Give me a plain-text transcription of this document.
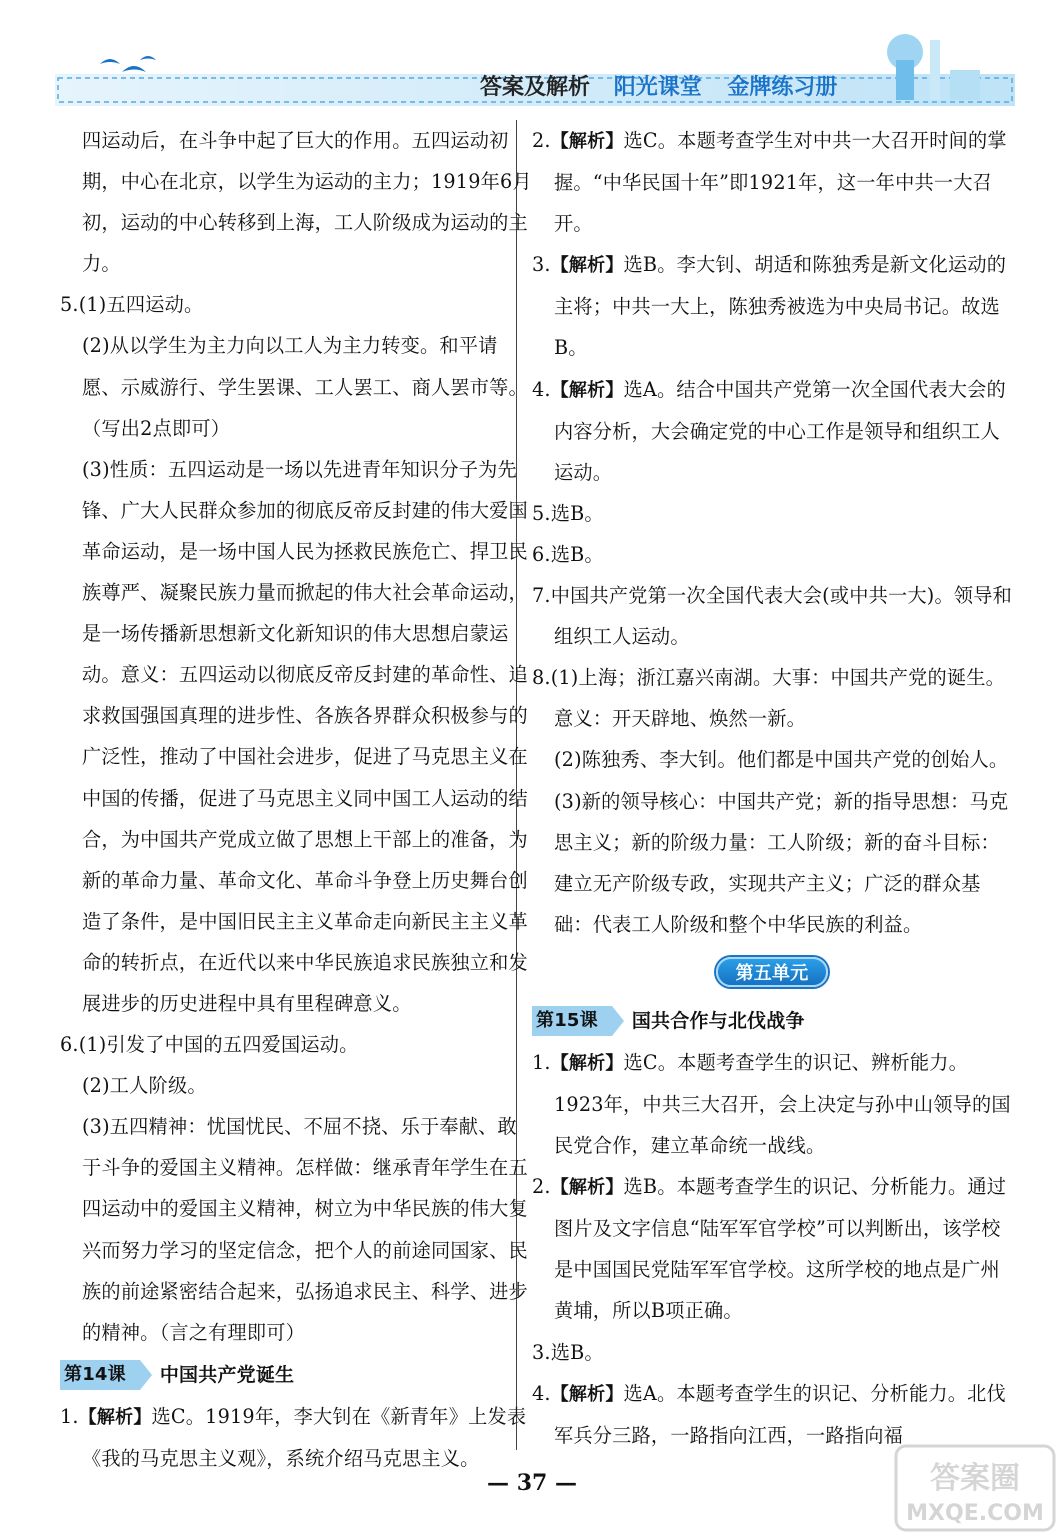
答案及解析 阳光课堂 金牌练习册
四运动后，在斗争中起了巨大的作用。五四运动初期，中心在北京，以学生为运动的主力；1919年6月初，运动的中心转移到上海，工人阶级成为运动的主力。
5.(1)五四运动。
(2)从以学生为主力向以工人为主力转变。和平请愿、示威游行、学生罢课、工人罢工、商人罢市等。（写出2点即可）
(3)性质：五四运动是一场以先进青年知识分子为先锋、广大人民群众参加的彻底反帝反封建的伟大爱国革命运动，是一场中国人民为拯救民族危亡、捍卫民族尊严、凝聚民族力量而掀起的伟大社会革命运动，是一场传播新思想新文化新知识的伟大思想启蒙运动。意义：五四运动以彻底反帝反封建的革命性、追求救国强国真理的进步性、各族各界群众积极参与的广泛性，推动了中国社会进步，促进了马克思主义在中国的传播，促进了马克思主义同中国工人运动的结合，为中国共产党成立做了思想上干部上的准备，为新的革命力量、革命文化、革命斗争登上历史舞台创造了条件，是中国旧民主主义革命走向新民主主义革命的转折点，在近代以来中华民族追求民族独立和发展进步的历史进程中具有里程碑意义。
6.(1)引发了中国的五四爱国运动。
(2)工人阶级。
(3)五四精神：忧国忧民、不屈不挠、乐于奉献、敢于斗争的爱国主义精神。怎样做：继承青年学生在五四运动中的爱国主义精神，树立为中华民族的伟大复兴而努力学习的坚定信念，把个人的前途同国家、民族的前途紧密结合起来，弘扬追求民主、科学、进步的精神。（言之有理即可）
第14课	中国共产党诞生
1.【解析】选C。1919年，李大钊在《新青年》上发表《我的马克思主义观》，系统介绍马克思主义。
2.【解析】选C。本题考查学生对中共一大召开时间的掌握。“中华民国十年”即1921年，这一年中共一大召开。
3.【解析】选B。李大钊、胡适和陈独秀是新文化运动的主将；中共一大上，陈独秀被选为中央局书记。故选B。
4.【解析】选A。结合中国共产党第一次全国代表大会的内容分析，大会确定党的中心工作是领导和组织工人运动。
5.选B。
6.选B。
7.中国共产党第一次全国代表大会(或中共一大)。领导和组织工人运动。
8.(1)上海；浙江嘉兴南湖。大事：中国共产党的诞生。意义：开天辟地、焕然一新。
(2)陈独秀、李大钊。他们都是中国共产党的创始人。
(3)新的领导核心：中国共产党；新的指导思想：马克思主义；新的阶级力量：工人阶级；新的奋斗目标：建立无产阶级专政，实现共产主义；广泛的群众基础：代表工人阶级和整个中华民族的利益。
第五单元
第15课	国共合作与北伐战争
1.【解析】选C。本题考查学生的识记、辨析能力。1923年，中共三大召开，会上决定与孙中山领导的国民党合作，建立革命统一战线。
2.【解析】选B。本题考查学生的识记、分析能力。通过图片及文字信息“陆军军官学校”可以判断出，该学校是中国国民党陆军军官学校。这所学校的地点是广州黄埔，所以B项正确。
3.选B。
4.【解析】选A。本题考查学生的识记、分析能力。北伐军兵分三路，一路指向江西，一路指向福
— 37 —	答案圈
MXQE.COM
